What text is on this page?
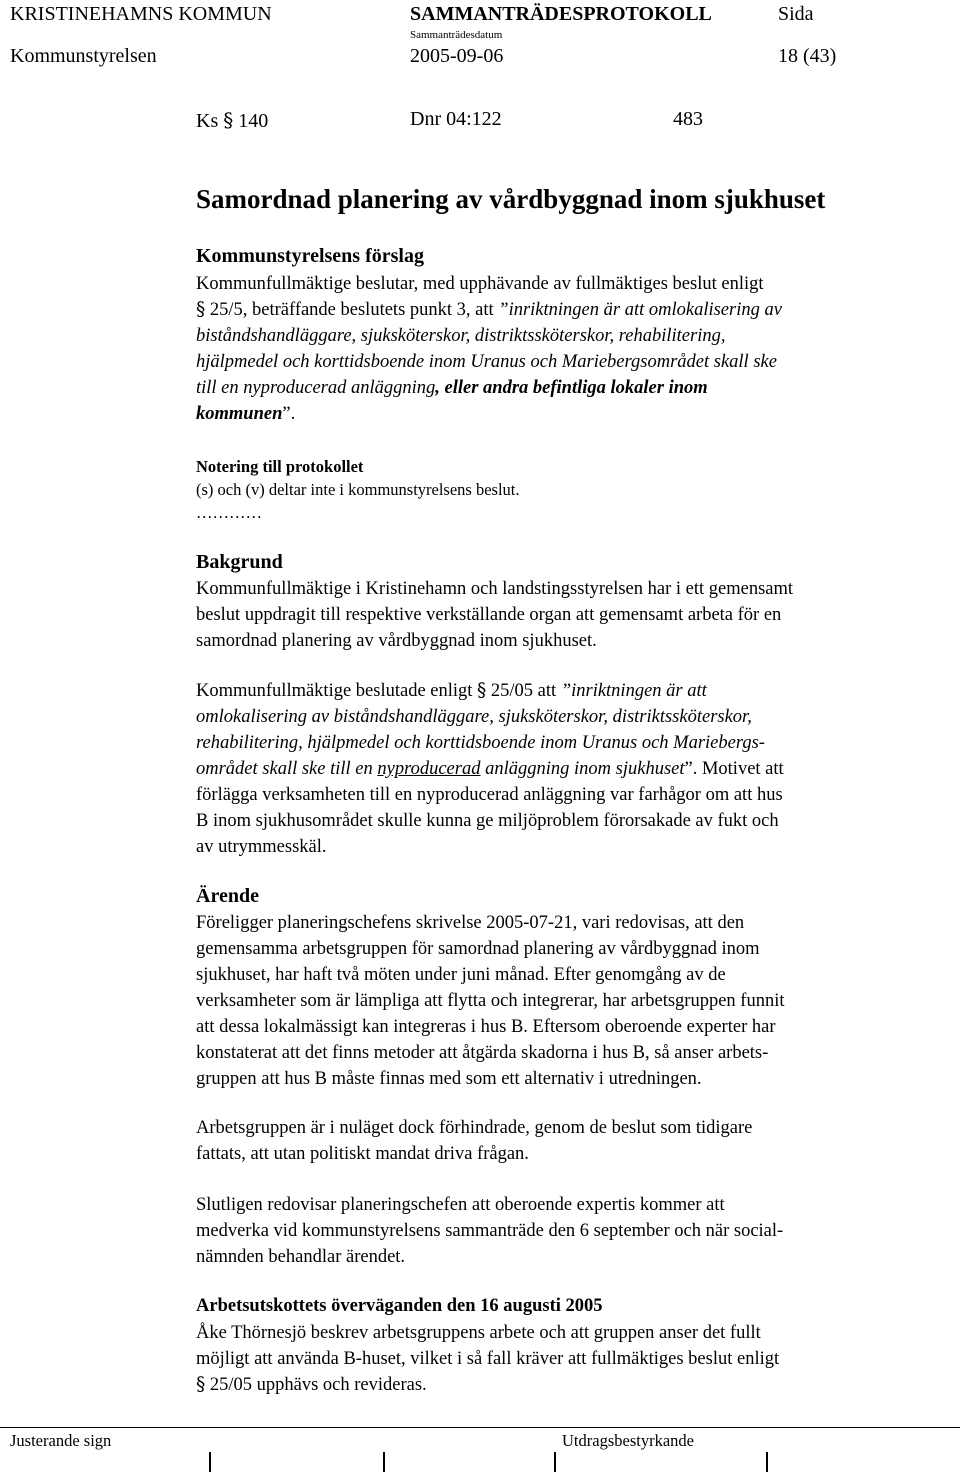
KRISTINEHAMNS KOMMUN	SAMMANTRÄDESPROTOKOLL	Sida
Sammanträdesdatum
Kommunstyrelsen	2005-09-06	18 (43)
Ks § 140	Dnr 04:122	483
Samordnad planering av vårdbyggnad inom sjukhuset
Kommunstyrelsens förslag
Kommunfullmäktige beslutar, med upphävande av fullmäktiges beslut enligt
§ 25/5, beträffande beslutets punkt 3, att ”inriktningen är att omlokalisering av
biståndshandläggare, sjuksköterskor, distriktssköterskor, rehabilitering,
hjälpmedel och korttidsboende inom Uranus och Mariebergsområdet skall ske
till en nyproducerad anläggning, eller andra befintliga lokaler inom
kommunen”.
Notering till protokollet
(s) och (v) deltar inte i kommunstyrelsens beslut.
…………
Bakgrund
Kommunfullmäktige i Kristinehamn och landstingsstyrelsen har i ett gemensamt
beslut uppdragit till respektive verkställande organ att gemensamt arbeta för en
samordnad planering av vårdbyggnad inom sjukhuset.
Kommunfullmäktige beslutade enligt § 25/05 att ”inriktningen är att
omlokalisering av biståndshandläggare, sjuksköterskor, distriktssköterskor,
rehabilitering, hjälpmedel och korttidsboende inom Uranus och Mariebergs-
området skall ske till en nyproducerad anläggning inom sjukhuset”. Motivet att
förlägga verksamheten till en nyproducerad anläggning var farhågor om att hus
B inom sjukhusområdet skulle kunna ge miljöproblem förorsakade av fukt och
av utrymmesskäl.
Ärende
Föreligger planeringschefens skrivelse 2005-07-21, vari redovisas, att den
gemensamma arbetsgruppen för samordnad planering av vårdbyggnad inom
sjukhuset, har haft två möten under juni månad. Efter genomgång av de
verksamheter som är lämpliga att flytta och integrerar, har arbetsgruppen funnit
att dessa lokalmässigt kan integreras i hus B. Eftersom oberoende experter har
konstaterat att det finns metoder att åtgärda skadorna i hus B, så anser arbets-
gruppen att hus B måste finnas med som ett alternativ i utredningen.
Arbetsgruppen är i nuläget dock förhindrade, genom de beslut som tidigare
fattats, att utan politiskt mandat driva frågan.
Slutligen redovisar planeringschefen att oberoende expertis kommer att
medverka vid kommunstyrelsens sammanträde den 6 september och när social-
nämnden behandlar ärendet.
Arbetsutskottets överväganden den 16 augusti 2005
Åke Thörnesjö beskrev arbetsgruppens arbete och att gruppen anser det fullt
möjligt att använda B-huset, vilket i så fall kräver att fullmäktiges beslut enligt
§ 25/05 upphävs och revideras.
Justerande sign	Utdragsbestyrkande
